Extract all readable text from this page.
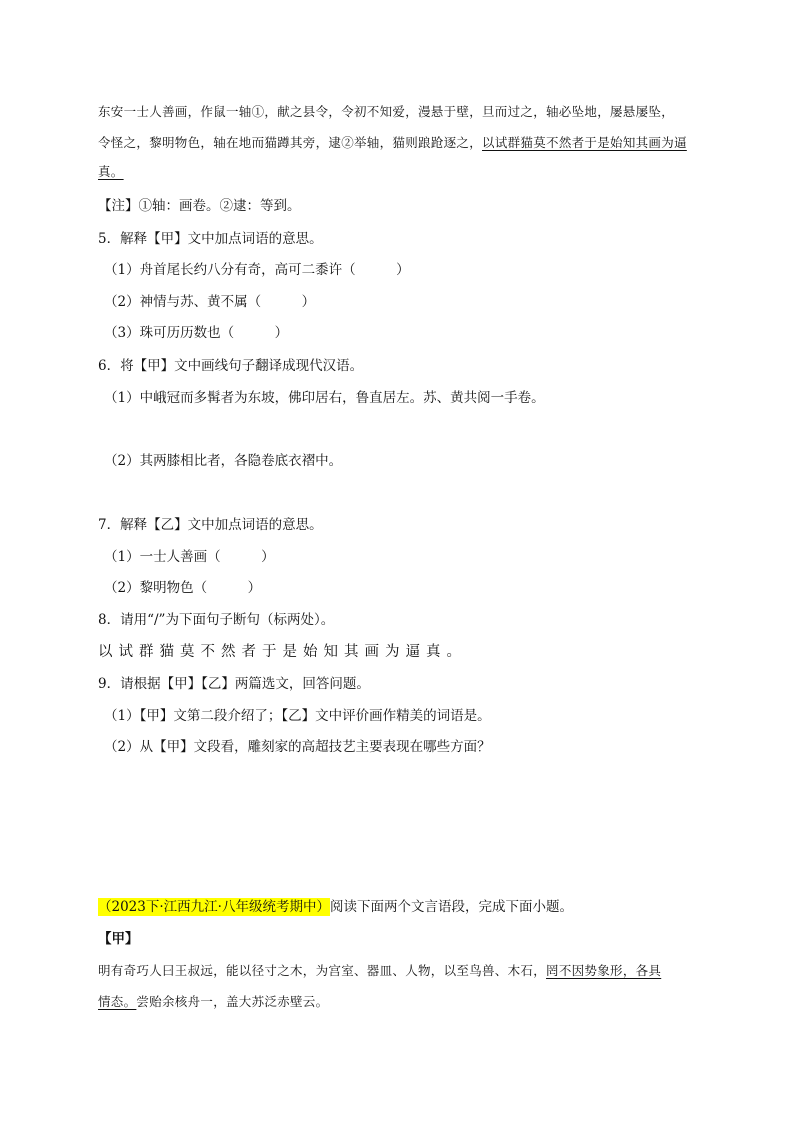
东安一士人善画，作鼠一轴①，献之县令，令初不知爱，漫悬于壁，旦而过之，轴必坠地，屡悬屡坠，
令怪之，黎明物色，轴在地而猫蹲其旁，逮②举轴，猫则踉跄逐之，以试群猫莫不然者于是始知其画为逼
真。
【注】①轴：画卷。②逮：等到。
5．解释【甲】文中加点词语的意思。
（1）舟首尾长约八分有奇，高可二黍许（　　　）
（2）神情与苏、黄不属（　　　）
（3）珠可历历数也（　　　）
6．将【甲】文中画线句子翻译成现代汉语。
（1）中峨冠而多髯者为东坡，佛印居右，鲁直居左。苏、黄共阅一手卷。
（2）其两膝相比者，各隐卷底衣褶中。
7．解释【乙】文中加点词语的意思。
（1）一士人善画（　　　）
（2）黎明物色（　　　）
8．请用“/”为下面句子断句（标两处）。
以试群猫莫不然者于是始知其画为逼真。
9．请根据【甲】【乙】两篇选文，回答问题。
（1）【甲】文第二段介绍了；【乙】文中评价画作精美的词语是。
（2）从【甲】文段看，雕刻家的高超技艺主要表现在哪些方面？
（2023下·江西九江·八年级统考期中）阅读下面两个文言语段，完成下面小题。
【甲】
明有奇巧人曰王叔远，能以径寸之木，为宫室、器皿、人物，以至鸟兽、木石，罔不因势象形，各具
情态。尝贻余核舟一，盖大苏泛赤壁云。
